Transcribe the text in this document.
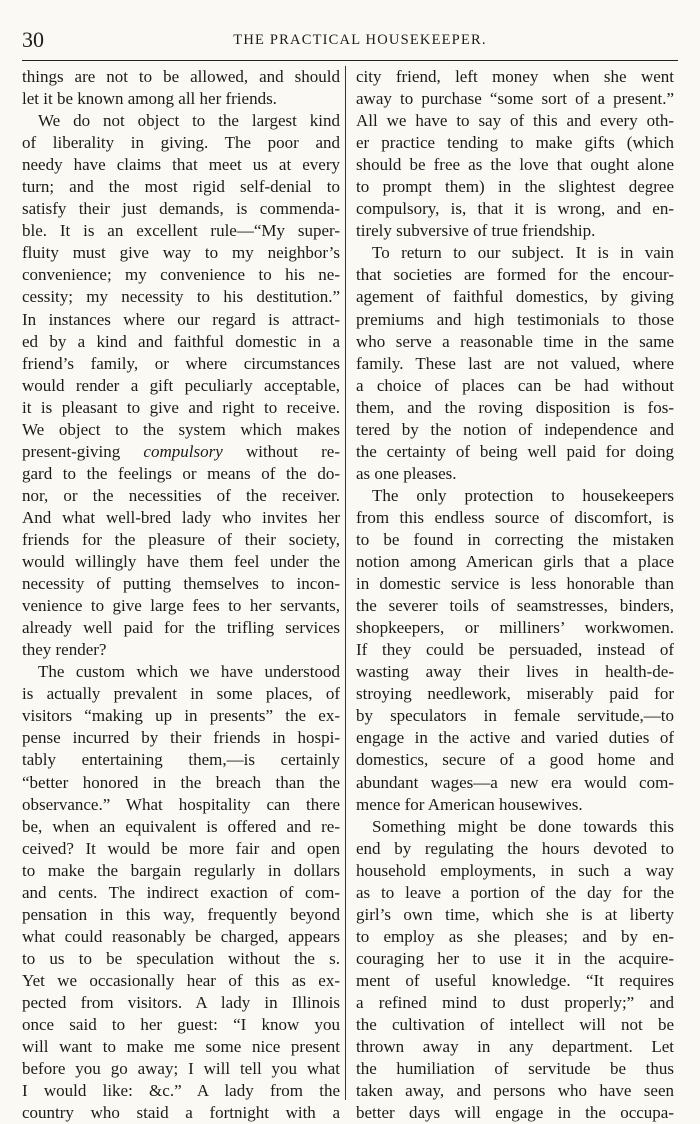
30	THE PRACTICAL HOUSEKEEPER.
things are not to be allowed, and should
let it be known among all her friends.
We do not object to the largest kind
of liberality in giving. The poor and
needy have claims that meet us at every
turn; and the most rigid self-denial to
satisfy their just demands, is commenda-
ble. It is an excellent rule—“My super-
fluity must give way to my neighbor’s
convenience; my convenience to his ne-
cessity; my necessity to his destitution.”
In instances where our regard is attract-
ed by a kind and faithful domestic in a
friend’s family, or where circumstances
would render a gift peculiarly acceptable,
it is pleasant to give and right to receive.
We object to the system which makes
present-giving compulsory without re-
gard to the feelings or means of the do-
nor, or the necessities of the receiver.
And what well-bred lady who invites her
friends for the pleasure of their society,
would willingly have them feel under the
necessity of putting themselves to incon-
venience to give large fees to her servants,
already well paid for the trifling services
they render?
The custom which we have understood
is actually prevalent in some places, of
visitors “making up in presents” the ex-
pense incurred by their friends in hospi-
tably entertaining them,—is certainly
“better honored in the breach than the
observance.” What hospitality can there
be, when an equivalent is offered and re-
ceived? It would be more fair and open
to make the bargain regularly in dollars
and cents. The indirect exaction of com-
pensation in this way, frequently beyond
what could reasonably be charged, appears
to us to be speculation without the s.
Yet we occasionally hear of this as ex-
pected from visitors. A lady in Illinois
once said to her guest: “I know you
will want to make me some nice present
before you go away; I will tell you what
I would like: &c.” A lady from the
country who staid a fortnight with a
city friend, left money when she went
away to purchase “some sort of a present.”
All we have to say of this and every oth-
er practice tending to make gifts (which
should be free as the love that ought alone
to prompt them) in the slightest degree
compulsory, is, that it is wrong, and en-
tirely subversive of true friendship.
To return to our subject. It is in vain
that societies are formed for the encour-
agement of faithful domestics, by giving
premiums and high testimonials to those
who serve a reasonable time in the same
family. These last are not valued, where
a choice of places can be had without
them, and the roving disposition is fos-
tered by the notion of independence and
the certainty of being well paid for doing
as one pleases.
The only protection to housekeepers
from this endless source of discomfort, is
to be found in correcting the mistaken
notion among American girls that a place
in domestic service is less honorable than
the severer toils of seamstresses, binders,
shopkeepers, or milliners’ workwomen.
If they could be persuaded, instead of
wasting away their lives in health-de-
stroying needlework, miserably paid for
by speculators in female servitude,—to
engage in the active and varied duties of
domestics, secure of a good home and
abundant wages—a new era would com-
mence for American housewives.
Something might be done towards this
end by regulating the hours devoted to
household employments, in such a way
as to leave a portion of the day for the
girl’s own time, which she is at liberty
to employ as she pleases; and by en-
couraging her to use it in the acquire-
ment of useful knowledge. “It requires
a refined mind to dust properly;” and
the cultivation of intellect will not be
thrown away in any department. Let
the humiliation of servitude be thus
taken away, and persons who have seen
better days will engage in the occupa-
